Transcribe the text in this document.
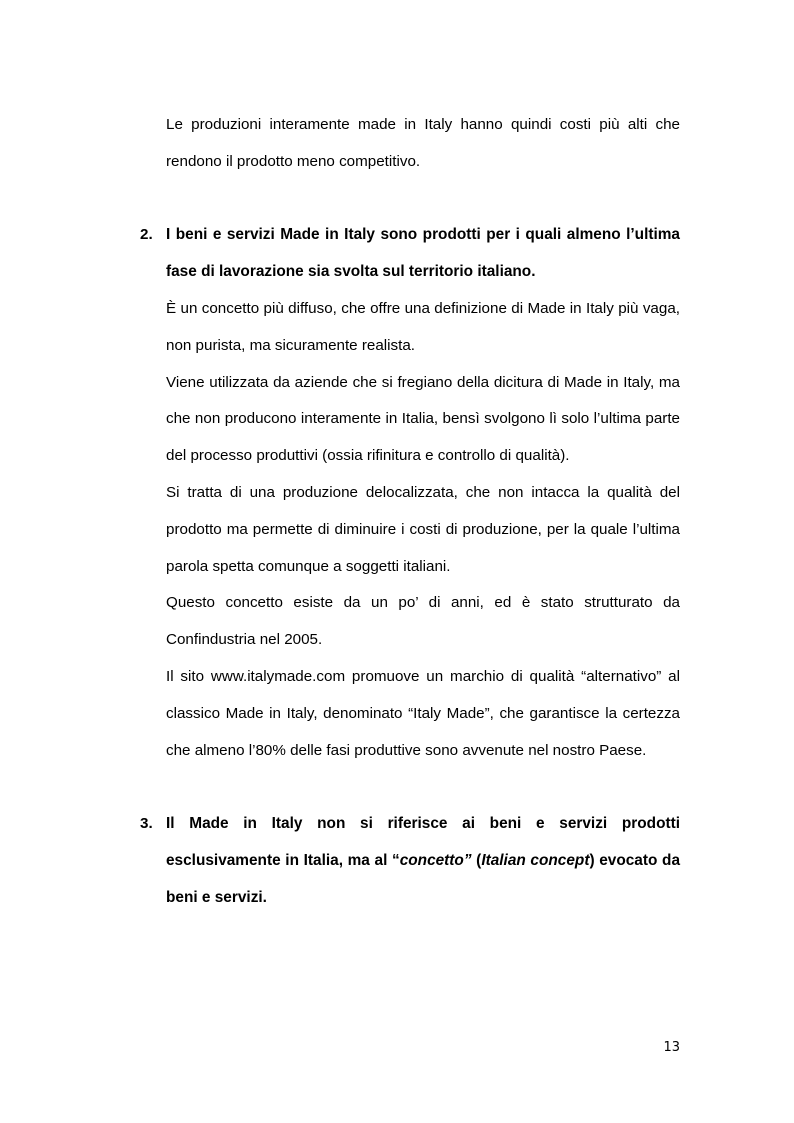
Le produzioni interamente made in Italy hanno quindi costi più alti che rendono il prodotto meno competitivo.

2. I beni e servizi Made in Italy sono prodotti per i quali almeno l’ultima fase di lavorazione sia svolta sul territorio italiano.

È un concetto più diffuso, che offre una definizione di Made in Italy più vaga, non purista, ma sicuramente realista.

Viene utilizzata da aziende che si fregiano della dicitura di Made in Italy, ma che non producono interamente in Italia, bensì svolgono lì solo l’ultima parte del processo produttivi (ossia rifinitura e controllo di qualità).

Si tratta di una produzione delocalizzata, che non intacca la qualità del prodotto ma permette di diminuire i costi di produzione, per la quale l’ultima parola spetta comunque a soggetti italiani.

Questo concetto esiste da un po’ di anni, ed è stato strutturato da Confindustria nel 2005.

Il sito www.italymade.com promuove un marchio di qualità “alternativo” al classico Made in Italy, denominato “Italy Made”, che garantisce la certezza che almeno l’80% delle fasi produttive sono avvenute nel nostro Paese.

3. Il Made in Italy non si riferisce ai beni e servizi prodotti esclusivamente in Italia, ma al “concetto” (Italian concept) evocato da beni e servizi.

13
